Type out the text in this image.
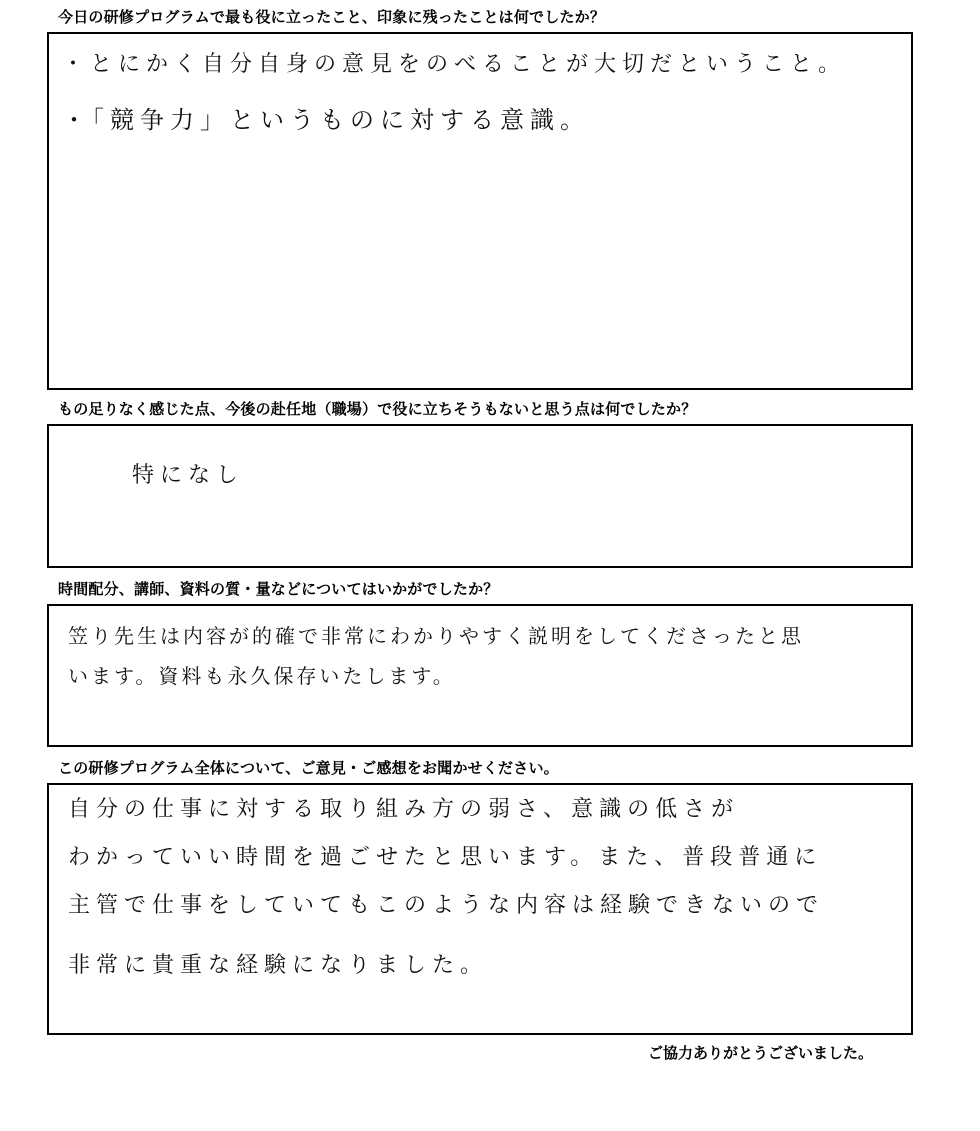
今日の研修プログラムで最も役に立ったこと、印象に残ったことは何でしたか？
・とにかく自分自身の意見をのべることが大切だということ。
・「競争力」というものに対する意識。
もの足りなく感じた点、今後の赴任地（職場）で役に立ちそうもないと思う点は何でしたか？
特になし
時間配分、講師、資料の質・量などについてはいかがでしたか？
笠り先生は内容が的確で非常にわかりやすく説明をしてくださったと思
います。資料も永久保存いたします。
この研修プログラム全体について、ご意見・ご感想をお聞かせください。
自分の仕事に対する取り組み方の弱さ、意識の低さが
わかっていい時間を過ごせたと思います。また、普段普通に
主管で仕事をしていてもこのような内容は経験できないので
非常に貴重な経験になりました。
ご協力ありがとうございました。
